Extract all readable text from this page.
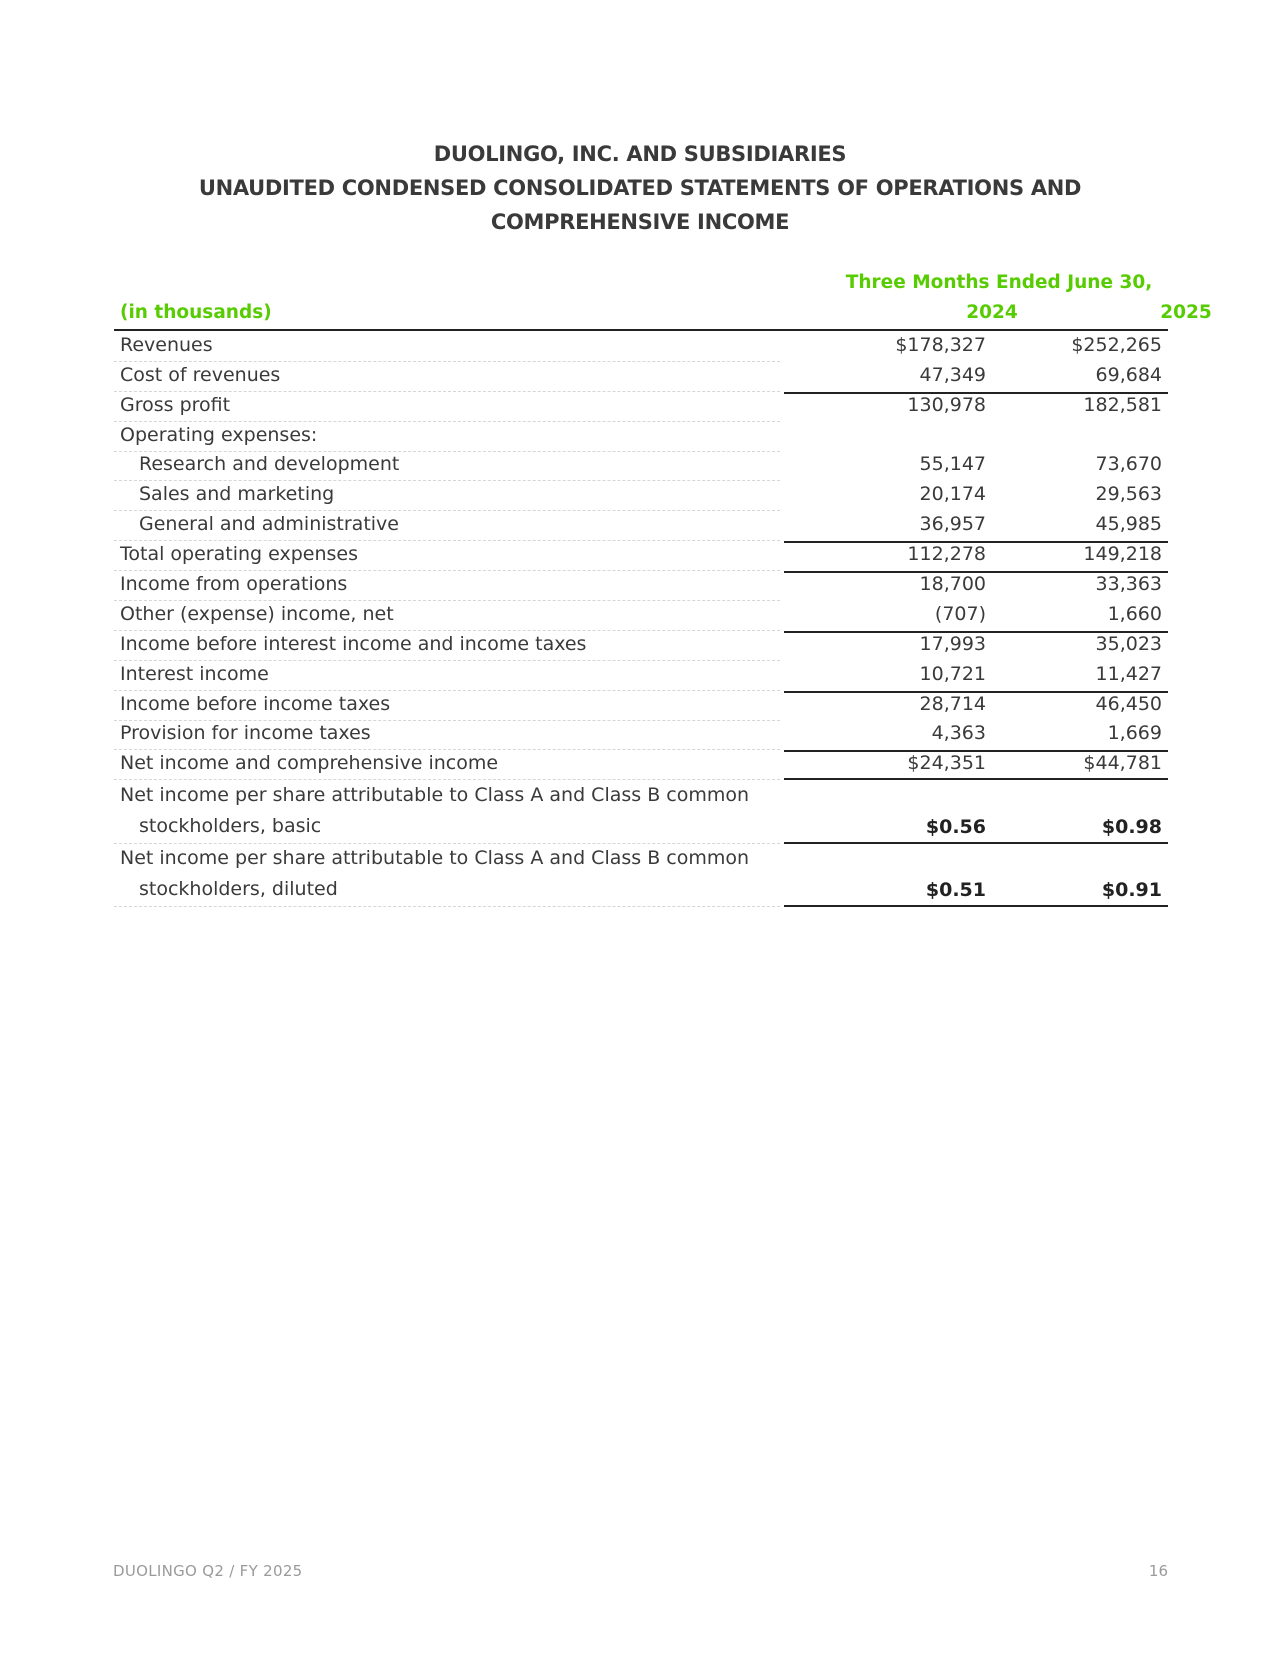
DUOLINGO, INC. AND SUBSIDIARIES
UNAUDITED CONDENSED CONSOLIDATED STATEMENTS OF OPERATIONS AND
COMPREHENSIVE INCOME
Three Months Ended June 30,
(in thousands)	2024	2025
Revenues	$178,327	$252,265
Cost of revenues	47,349	69,684
Gross profit	130,978	182,581
Operating expenses:
Research and development	55,147	73,670
Sales and marketing	20,174	29,563
General and administrative	36,957	45,985
Total operating expenses	112,278	149,218
Income from operations	18,700	33,363
Other (expense) income, net	(707)	1,660
Income before interest income and income taxes	17,993	35,023
Interest income	10,721	11,427
Income before income taxes	28,714	46,450
Provision for income taxes	4,363	1,669
Net income and comprehensive income	$24,351	$44,781
Net income per share attributable to Class A and Class B common
stockholders, basic	$0.56	$0.98
Net income per share attributable to Class A and Class B common
stockholders, diluted	$0.51	$0.91
DUOLINGO Q2 / FY 2025	16
